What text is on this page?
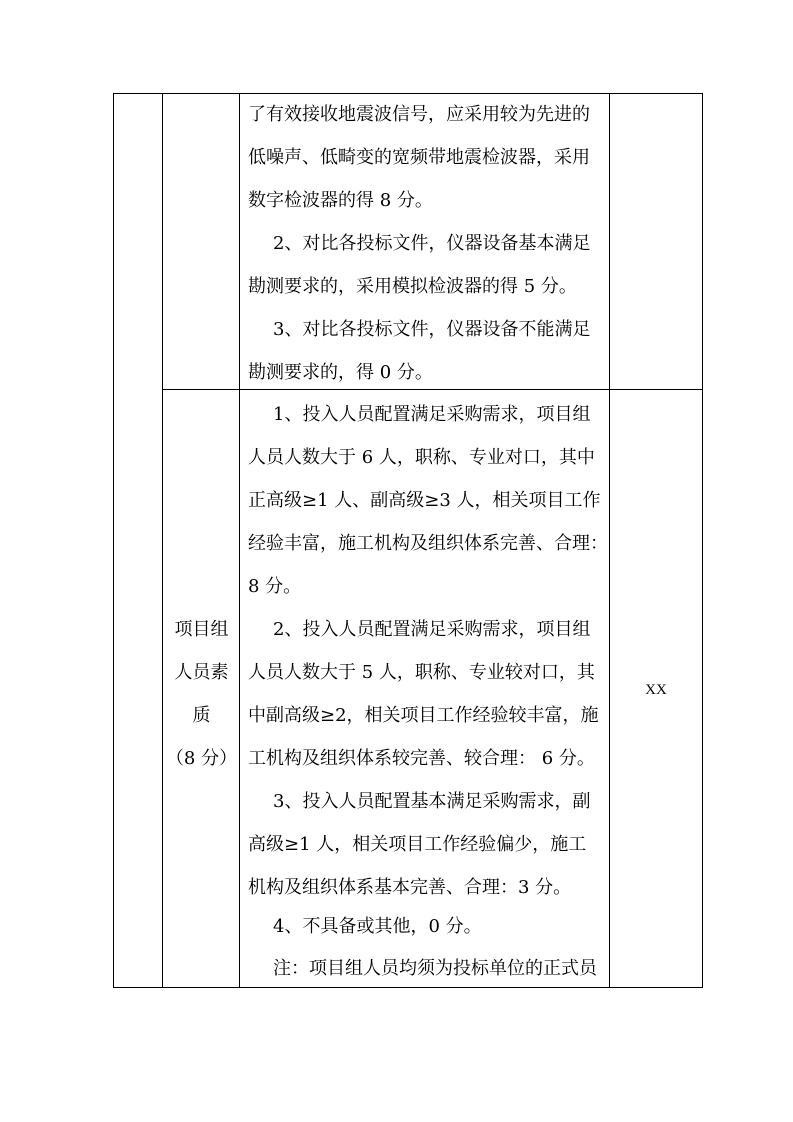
了有效接收地震波信号，应采用较为先进的
低噪声、低畸变的宽频带地震检波器，采用
数字检波器的得 8 分。
2、对比各投标文件，仪器设备基本满足
勘测要求的，采用模拟检波器的得 5 分。
3、对比各投标文件，仪器设备不能满足
勘测要求的，得 0 分。
项目组
人员素
质
（8 分）
1、投入人员配置满足采购需求，项目组
人员人数大于 6 人，职称、专业对口，其中
正高级≥1 人、副高级≥3 人，相关项目工作
经验丰富，施工机构及组织体系完善、合理：
8 分。
2、投入人员配置满足采购需求，项目组
人员人数大于 5 人，职称、专业较对口，其
中副高级≥2，相关项目工作经验较丰富，施
工机构及组织体系较完善、较合理： 6 分。
3、投入人员配置基本满足采购需求，副
高级≥1 人，相关项目工作经验偏少，施工
机构及组织体系基本完善、合理：3 分。
4、不具备或其他，0 分。
注：项目组人员均须为投标单位的正式员
XX
